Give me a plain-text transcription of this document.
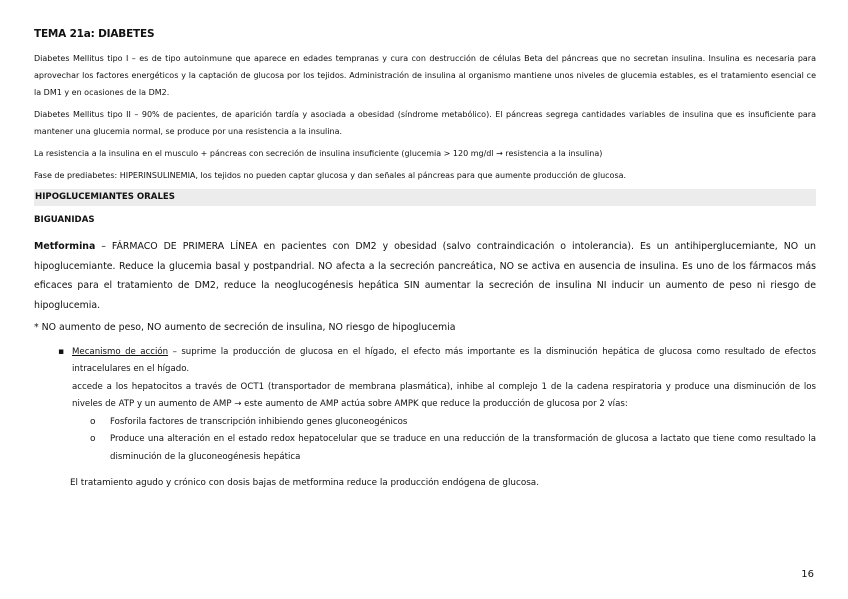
TEMA 21a: DIABETES

Diabetes Mellitus tipo I – es de tipo autoinmune que aparece en edades tempranas y cura con destrucción de células Beta del páncreas que no secretan insulina. Insulina es necesaria para aprovechar los factores energéticos y la captación de glucosa por los tejidos. Administración de insulina al organismo mantiene unos niveles de glucemia estables, es el tratamiento esencial ce la DM1 y en ocasiones de la DM2.

Diabetes Mellitus tipo II – 90% de pacientes, de aparición tardía y asociada a obesidad (síndrome metabólico). El páncreas segrega cantidades variables de insulina que es insuficiente para mantener una glucemia normal, se produce por una resistencia a la insulina.

La resistencia a la insulina en el musculo + páncreas con secreción de insulina insuficiente (glucemia > 120 mg/dl → resistencia a la insulina)

Fase de prediabetes: HIPERINSULINEMIA, los tejidos no pueden captar glucosa y dan señales al páncreas para que aumente producción de glucosa.

HIPOGLUCEMIANTES ORALES
BIGUANIDAS

Metformina – FÁRMACO DE PRIMERA LÍNEA en pacientes con DM2 y obesidad (salvo contraindicación o intolerancia). Es un antihiperglucemiante, NO un hipoglucemiante. Reduce la glucemia basal y postpandrial. NO afecta a la secreción pancreática, NO se activa en ausencia de insulina. Es uno de los fármacos más eficaces para el tratamiento de DM2, reduce la neoglucogénesis hepática SIN aumentar la secreción de insulina NI inducir un aumento de peso ni riesgo de hipoglucemia.

* NO aumento de peso, NO aumento de secreción de insulina, NO riesgo de hipoglucemia

▪ Mecanismo de acción – suprime la producción de glucosa en el hígado, el efecto más importante es la disminución hepática de glucosa como resultado de efectos intracelulares en el hígado.
accede a los hepatocitos a través de OCT1 (transportador de membrana plasmática), inhibe al complejo 1 de la cadena respiratoria y produce una disminución de los niveles de ATP y un aumento de AMP → este aumento de AMP actúa sobre AMPK que reduce la producción de glucosa por 2 vías:
o Fosforila factores de transcripción inhibiendo genes gluconeogénicos
o Produce una alteración en el estado redox hepatocelular que se traduce en una reducción de la transformación de glucosa a lactato que tiene como resultado la disminución de la gluconeogénesis hepática

El tratamiento agudo y crónico con dosis bajas de metformina reduce la producción endógena de glucosa.

16
